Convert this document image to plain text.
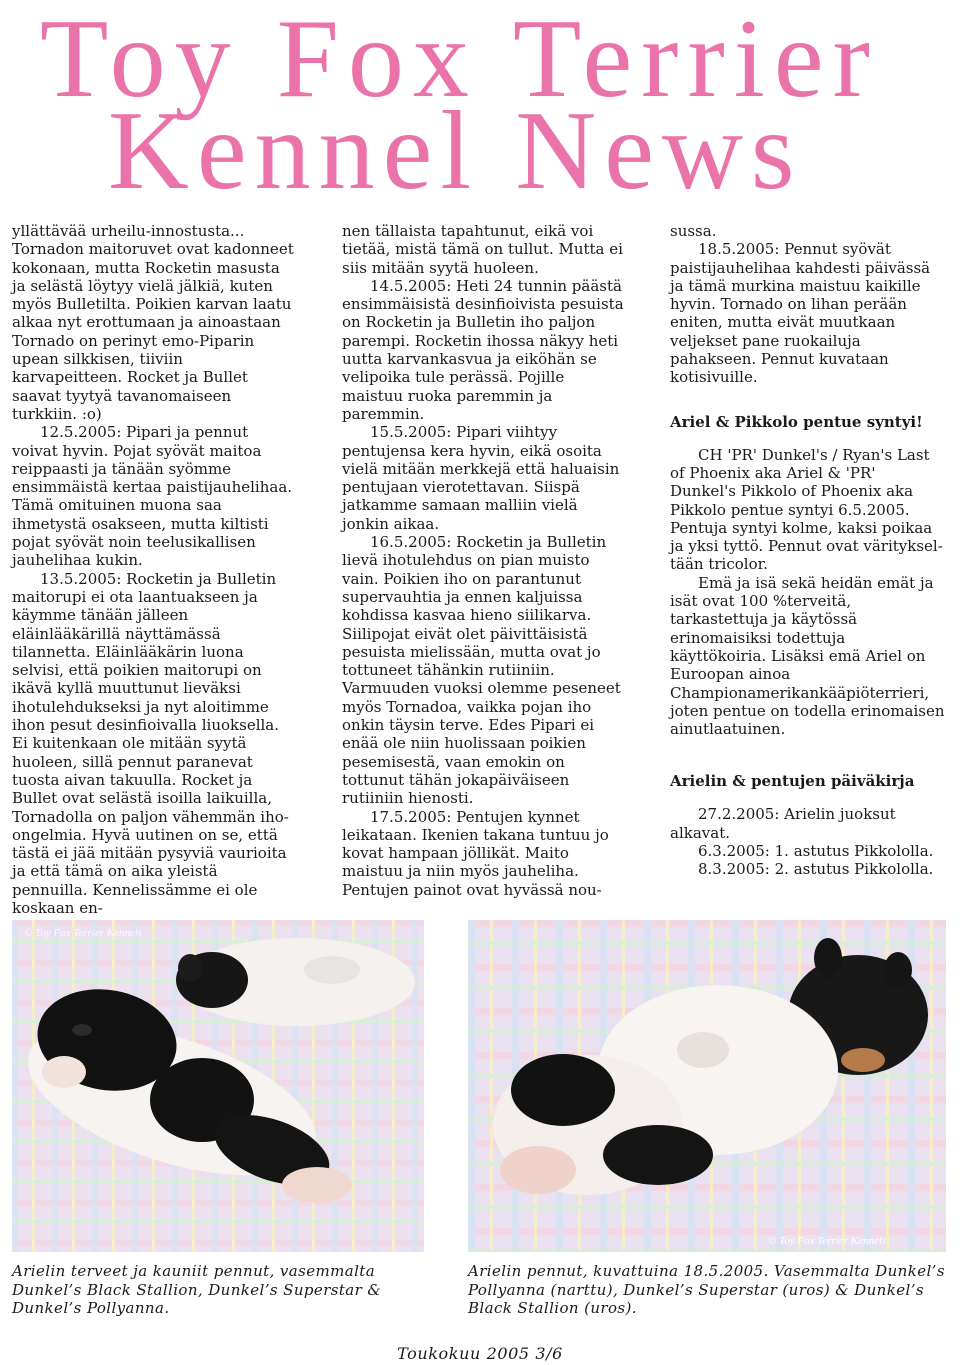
Toy Fox Terrier
Kennel News

yllättävää urheilu-innostusta... Tornadon maitoruvet ovat kadonneet kokonaan, mutta Rocketin masusta ja selästä löytyy vielä jälkiä, kuten myös Bulletilta. Poikien karvan laatu alkaa nyt erottumaan ja ainoastaan Tornado on perinyt emo-Piparin upean silkkisen, tiiviin karvapeitteen. Rocket ja Bullet saavat tyytyä tavanomaiseen turkkiin. :o)

12.5.2005: Pipari ja pennut voivat hyvin. Pojat syövät maitoa reippaasti ja tänään syömme ensimmäistä kertaa paistijauhelihaa. Tämä omituinen muona saa ihmetystä osakseen, mutta kiltisti pojat syövät noin teelusikallisen jauhelihaa kukin.

13.5.2005: Rocketin ja Bulletin maitorupi ei ota laantuakseen ja käymme tänään jälleen eläinlääkärillä näyttämässä tilannetta. Eläinlääkärin luona selvisi, että poikien maitorupi on ikävä kyllä muuttunut lieväksi ihotulehdukseksi ja nyt aloitimme ihon pesut desinfioivalla liuoksella. Ei kuitenkaan ole mitään syytä huoleen, sillä pennut paranevat tuosta aivan takuulla. Rocket ja Bullet ovat selästä isoilla laikuilla, Tornadolla on paljon vähemmän iho-ongelmia. Hyvä uutinen on se, että tästä ei jää mitään pysyviä vaurioita ja että tämä on aika yleistä pennuilla. Kennelissämme ei ole koskaan en-

nen tällaista tapahtunut, eikä voi tietää, mistä tämä on tullut. Mutta ei siis mitään syytä huoleen.

14.5.2005: Heti 24 tunnin päästä ensimmäisistä desinfioivista pesuista on Rocketin ja Bulletin iho paljon parempi. Rocketin ihossa näkyy heti uutta karvankasvua ja eiköhän se velipoika tule perässä. Pojille maistuu ruoka paremmin ja paremmin.

15.5.2005: Pipari viihtyy pentujensa kera hyvin, eikä osoita vielä mitään merkkejä että haluaisin pentujaan vierotettavan. Siispä jatkamme samaan malliin vielä jonkin aikaa.

16.5.2005: Rocketin ja Bulletin lievä ihotulehdus on pian muisto vain. Poikien iho on parantunut supervauhtia ja ennen kaljuissa kohdissa kasvaa hieno siilikarva. Siilipojat eivät olet päivittäisistä pesuista mielissään, mutta ovat jo tottuneet tähänkin rutiiniin. Varmuuden vuoksi olemme peseneet myös Tornadoa, vaikka pojan iho onkin täysin terve. Edes Pipari ei enää ole niin huolissaan poikien pesemisestä, vaan emokin on tottunut tähän jokapäiväiseen rutiiniin hienosti.

17.5.2005: Pentujen kynnet leikataan. Ikenien takana tuntuu jo kovat hampaan jöllikät. Maito maistuu ja niin myös jauheliha. Pentujen painot ovat hyvässä nou-

sussa.

18.5.2005: Pennut syövät paistijauhelihaa kahdesti päivässä ja tämä murkina maistuu kaikille hyvin. Tornado on lihan perään eniten, mutta eivät muutkaan veljekset pane ruokailuja pahakseen. Pennut kuvataan kotisivuille.

Ariel & Pikkolo pentue syntyi!

CH 'PR' Dunkel's / Ryan's Last of Phoenix aka Ariel & 'PR' Dunkel's Pikkolo of Phoenix aka Pikkolo pentue syntyi 6.5.2005. Pentuja syntyi kolme, kaksi poikaa ja yksi tyttö. Pennut ovat väritykseltään tricolor.

Emä ja isä sekä heidän emät ja isät ovat 100 %terveitä, tarkastettuja ja käytössä erinomaisiksi todettuja käyttökoiria. Lisäksi emä Ariel on Euroopan ainoa Championamerikankääpiöterrieri, joten pentue on todella erinomaisen ainutlaatuinen.

Arielin & pentujen päiväkirja

27.2.2005: Arielin juoksut alkavat.

6.3.2005: 1. astutus Pikkololla.

8.3.2005: 2. astutus Pikkololla.

© Toy Fox Terrier Kennels
© Toy Fox Terrier Kennels
Arielin terveet ja kauniit pennut, vasemmalta Dunkel’s Black Stallion, Dunkel’s Superstar & Dunkel’s Pollyanna.
Arielin pennut, kuvattuina 18.5.2005. Vasemmalta Dunkel’s Pollyanna (narttu), Dunkel’s Superstar (uros) & Dunkel’s Black Stallion (uros).
Toukokuu 2005 3/6
